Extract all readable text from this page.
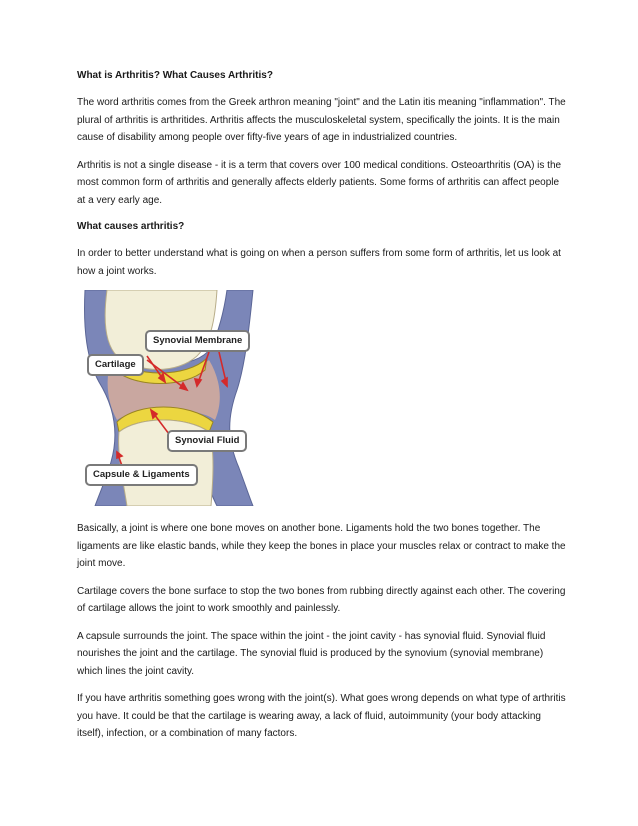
What is Arthritis? What Causes Arthritis?

The word arthritis comes from the Greek arthron meaning "joint" and the Latin itis meaning "inflammation". The plural of arthritis is arthritides. Arthritis affects the musculoskeletal system, specifically the joints. It is the main cause of disability among people over fifty-five years of age in industrialized countries.

Arthritis is not a single disease - it is a term that covers over 100 medical conditions. Osteoarthritis (OA) is the most common form of arthritis and generally affects elderly patients. Some forms of arthritis can affect people at a very early age.

What causes arthritis?

In order to better understand what is going on when a person suffers from some form of arthritis, let us look at how a joint works.

Synovial Membrane
Cartilage
Synovial Fluid
Capsule & Ligaments

Basically, a joint is where one bone moves on another bone. Ligaments hold the two bones together. The ligaments are like elastic bands, while they keep the bones in place your muscles relax or contract to make the joint move.

Cartilage covers the bone surface to stop the two bones from rubbing directly against each other. The covering of cartilage allows the joint to work smoothly and painlessly.

A capsule surrounds the joint. The space within the joint - the joint cavity - has synovial fluid. Synovial fluid nourishes the joint and the cartilage. The synovial fluid is produced by the synovium (synovial membrane) which lines the joint cavity.

If you have arthritis something goes wrong with the joint(s). What goes wrong depends on what type of arthritis you have. It could be that the cartilage is wearing away, a lack of fluid, autoimmunity (your body attacking itself), infection, or a combination of many factors.
